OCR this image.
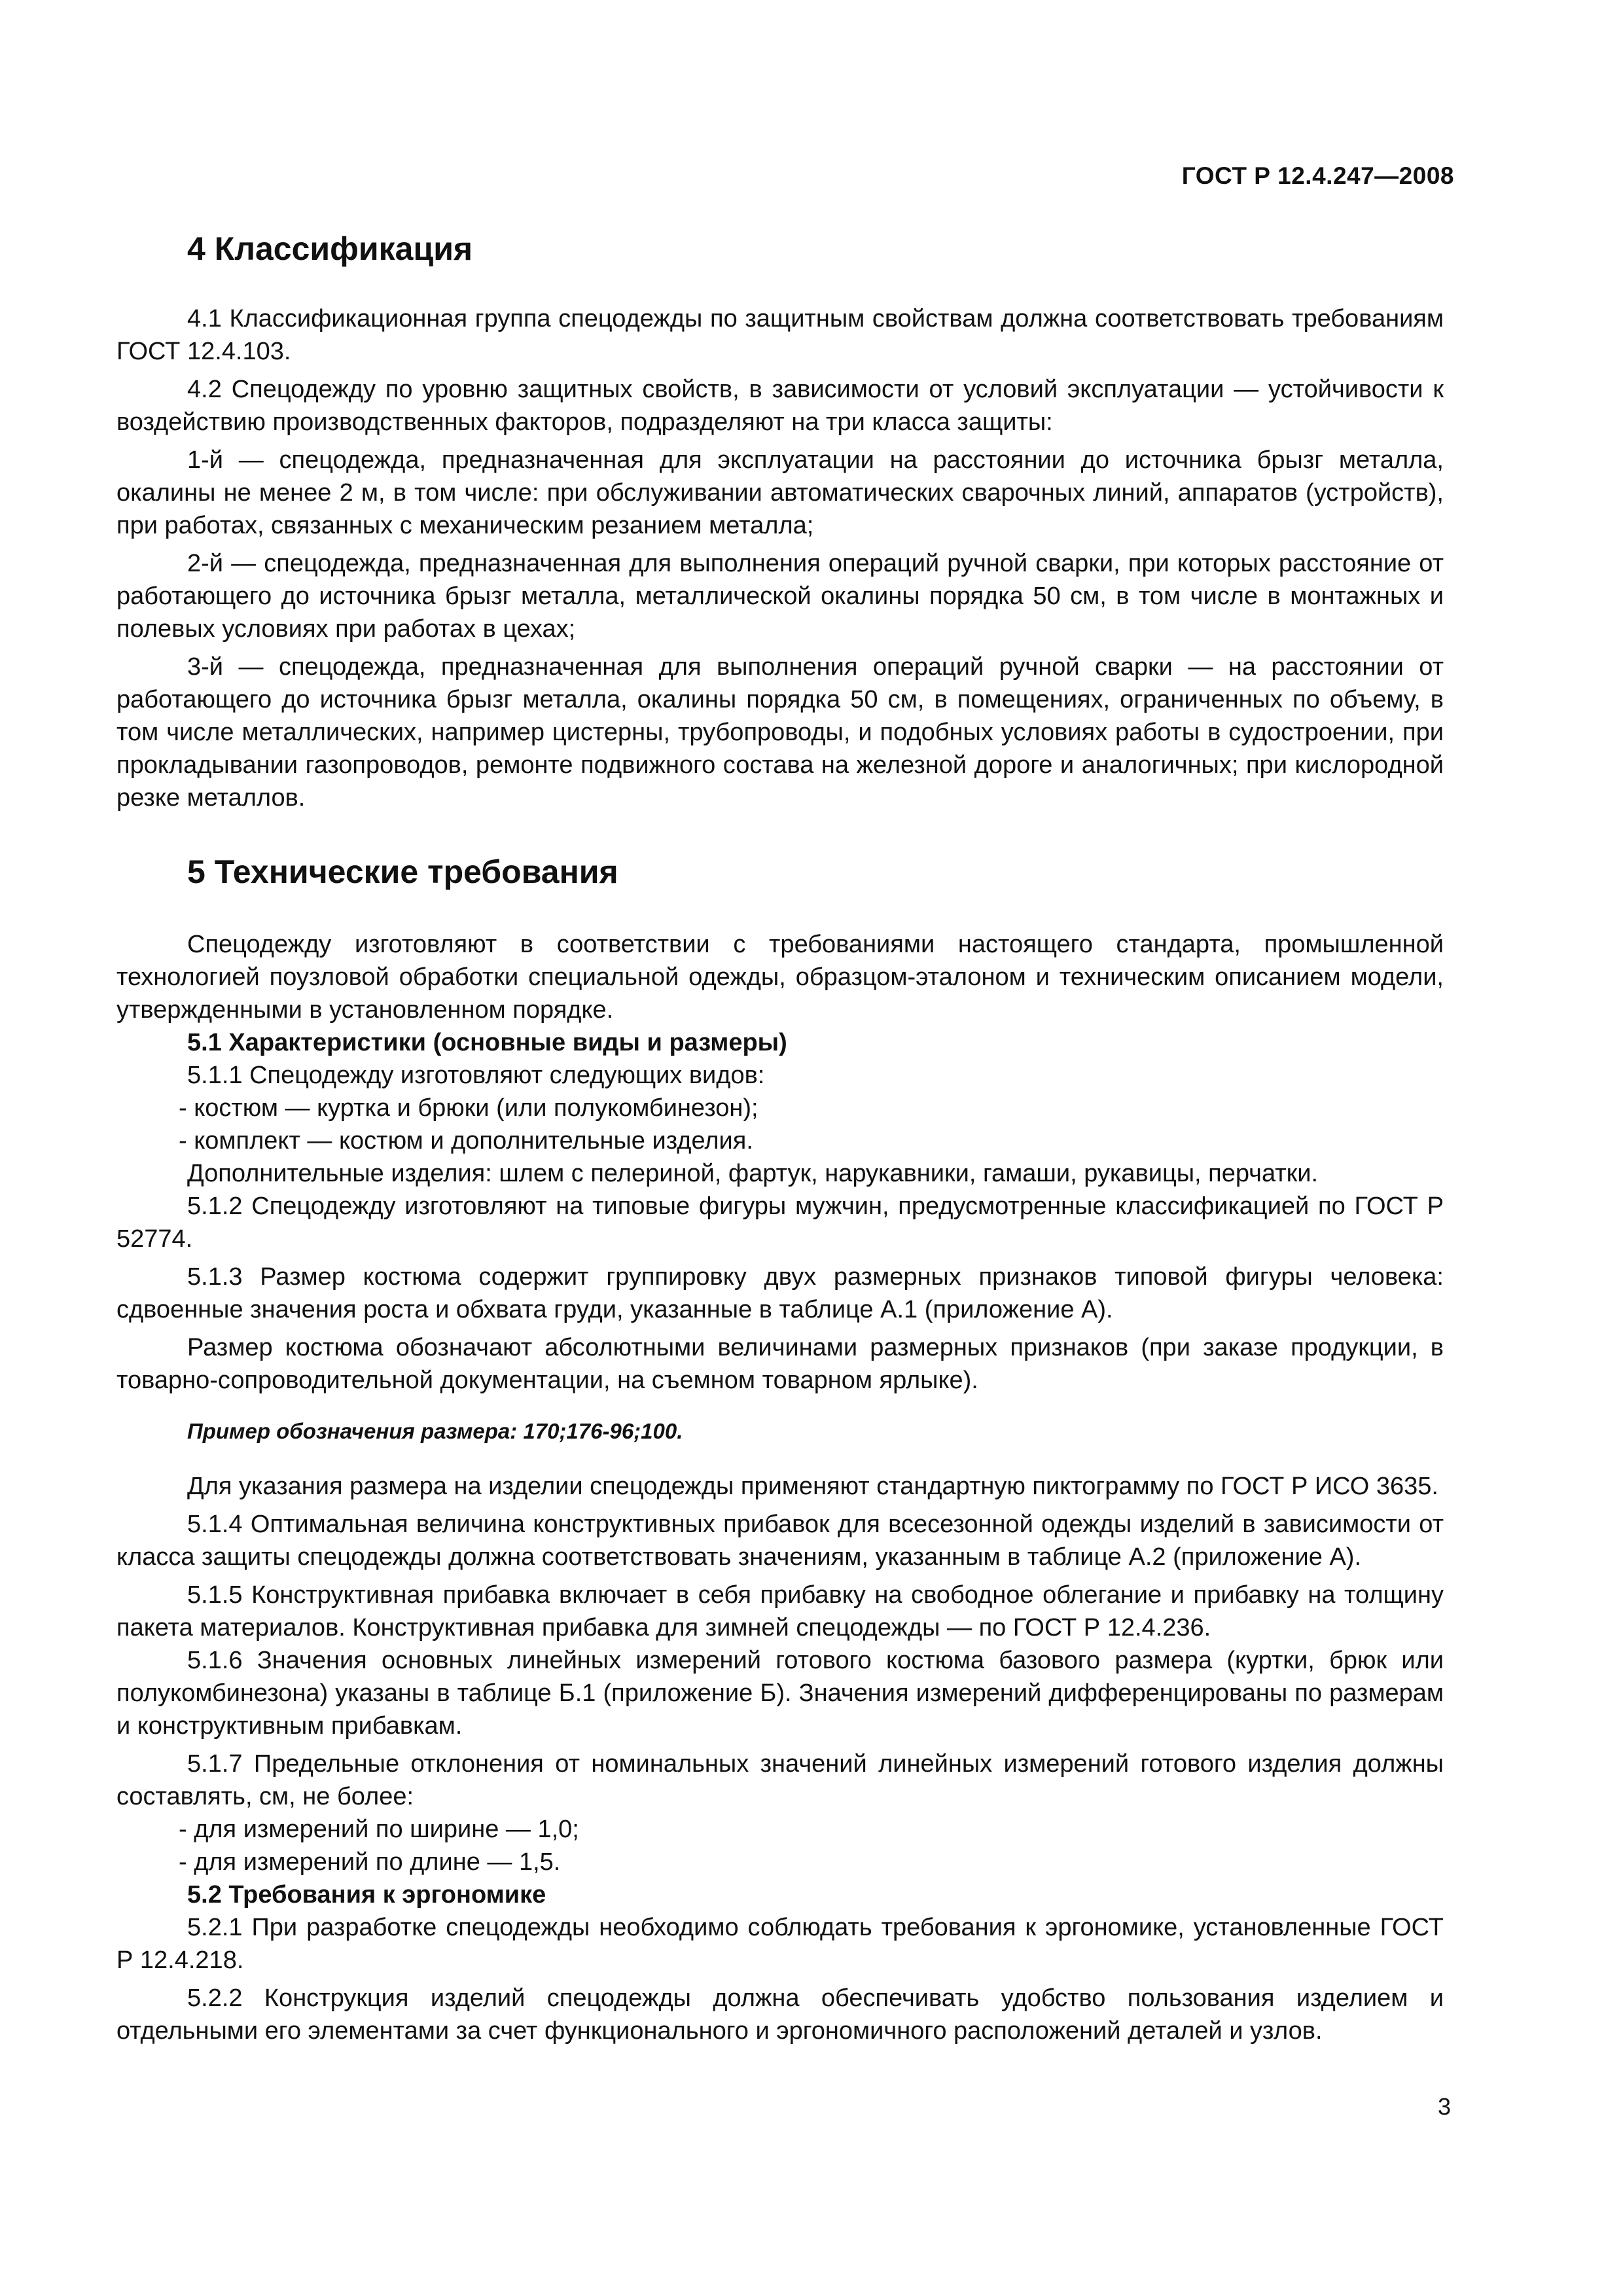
ГОСТ Р 12.4.247—2008
4 Классификация

4.1 Классификационная группа спецодежды по защитным свойствам должна соответствовать требованиям ГОСТ 12.4.103.

4.2 Спецодежду по уровню защитных свойств, в зависимости от условий эксплуатации — устойчивости к воздействию производственных факторов, подразделяют на три класса защиты:

1-й — спецодежда, предназначенная для эксплуатации на расстоянии до источника брызг металла, окалины не менее 2 м, в том числе: при обслуживании автоматических сварочных линий, аппаратов (устройств), при работах, связанных с механическим резанием металла;

2-й — спецодежда, предназначенная для выполнения операций ручной сварки, при которых расстояние от работающего до источника брызг металла, металлической окалины порядка 50 см, в том числе в монтажных и полевых условиях при работах в цехах;

3-й — спецодежда, предназначенная для выполнения операций ручной сварки — на расстоянии от работающего до источника брызг металла, окалины порядка 50 см, в помещениях, ограниченных по объему, в том числе металлических, например цистерны, трубопроводы, и подобных условиях работы в судостроении, при прокладывании газопроводов, ремонте подвижного состава на железной дороге и аналогичных; при кислородной резке металлов.

5 Технические требования

Спецодежду изготовляют в соответствии с требованиями настоящего стандарта, промышленной технологией поузловой обработки специальной одежды, образцом-эталоном и техническим описанием модели, утвержденными в установленном порядке.

5.1 Характеристики (основные виды и размеры)

5.1.1 Спецодежду изготовляют следующих видов:

- костюм — куртка и брюки (или полукомбинезон);

- комплект — костюм и дополнительные изделия.

Дополнительные изделия: шлем с пелериной, фартук, нарукавники, гамаши, рукавицы, перчатки.

5.1.2 Спецодежду изготовляют на типовые фигуры мужчин, предусмотренные классификацией по ГОСТ Р 52774.

5.1.3 Размер костюма содержит группировку двух размерных признаков типовой фигуры человека: сдвоенные значения роста и обхвата груди, указанные в таблице А.1 (приложение А).

Размер костюма обозначают абсолютными величинами размерных признаков (при заказе продукции, в товарно-сопроводительной документации, на съемном товарном ярлыке).

Пример обозначения размера: 170;176-96;100.

Для указания размера на изделии спецодежды применяют стандартную пиктограмму по ГОСТ Р ИСО 3635.

5.1.4 Оптимальная величина конструктивных прибавок для всесезонной одежды изделий в зависимости от класса защиты спецодежды должна соответствовать значениям, указанным в таблице А.2 (приложение А).

5.1.5 Конструктивная прибавка включает в себя прибавку на свободное облегание и прибавку на толщину пакета материалов. Конструктивная прибавка для зимней спецодежды — по ГОСТ Р 12.4.236.

5.1.6 Значения основных линейных измерений готового костюма базового размера (куртки, брюк или полукомбинезона) указаны в таблице Б.1 (приложение Б). Значения измерений дифференцированы по размерам и конструктивным прибавкам.

5.1.7 Предельные отклонения от номинальных значений линейных измерений готового изделия должны составлять, см, не более:

- для измерений по ширине — 1,0;

- для измерений по длине — 1,5.

5.2 Требования к эргономике

5.2.1 При разработке спецодежды необходимо соблюдать требования к эргономике, установленные ГОСТ Р 12.4.218.

5.2.2 Конструкция изделий спецодежды должна обеспечивать удобство пользования изделием и отдельными его элементами за счет функционального и эргономичного расположений деталей и узлов.

3
